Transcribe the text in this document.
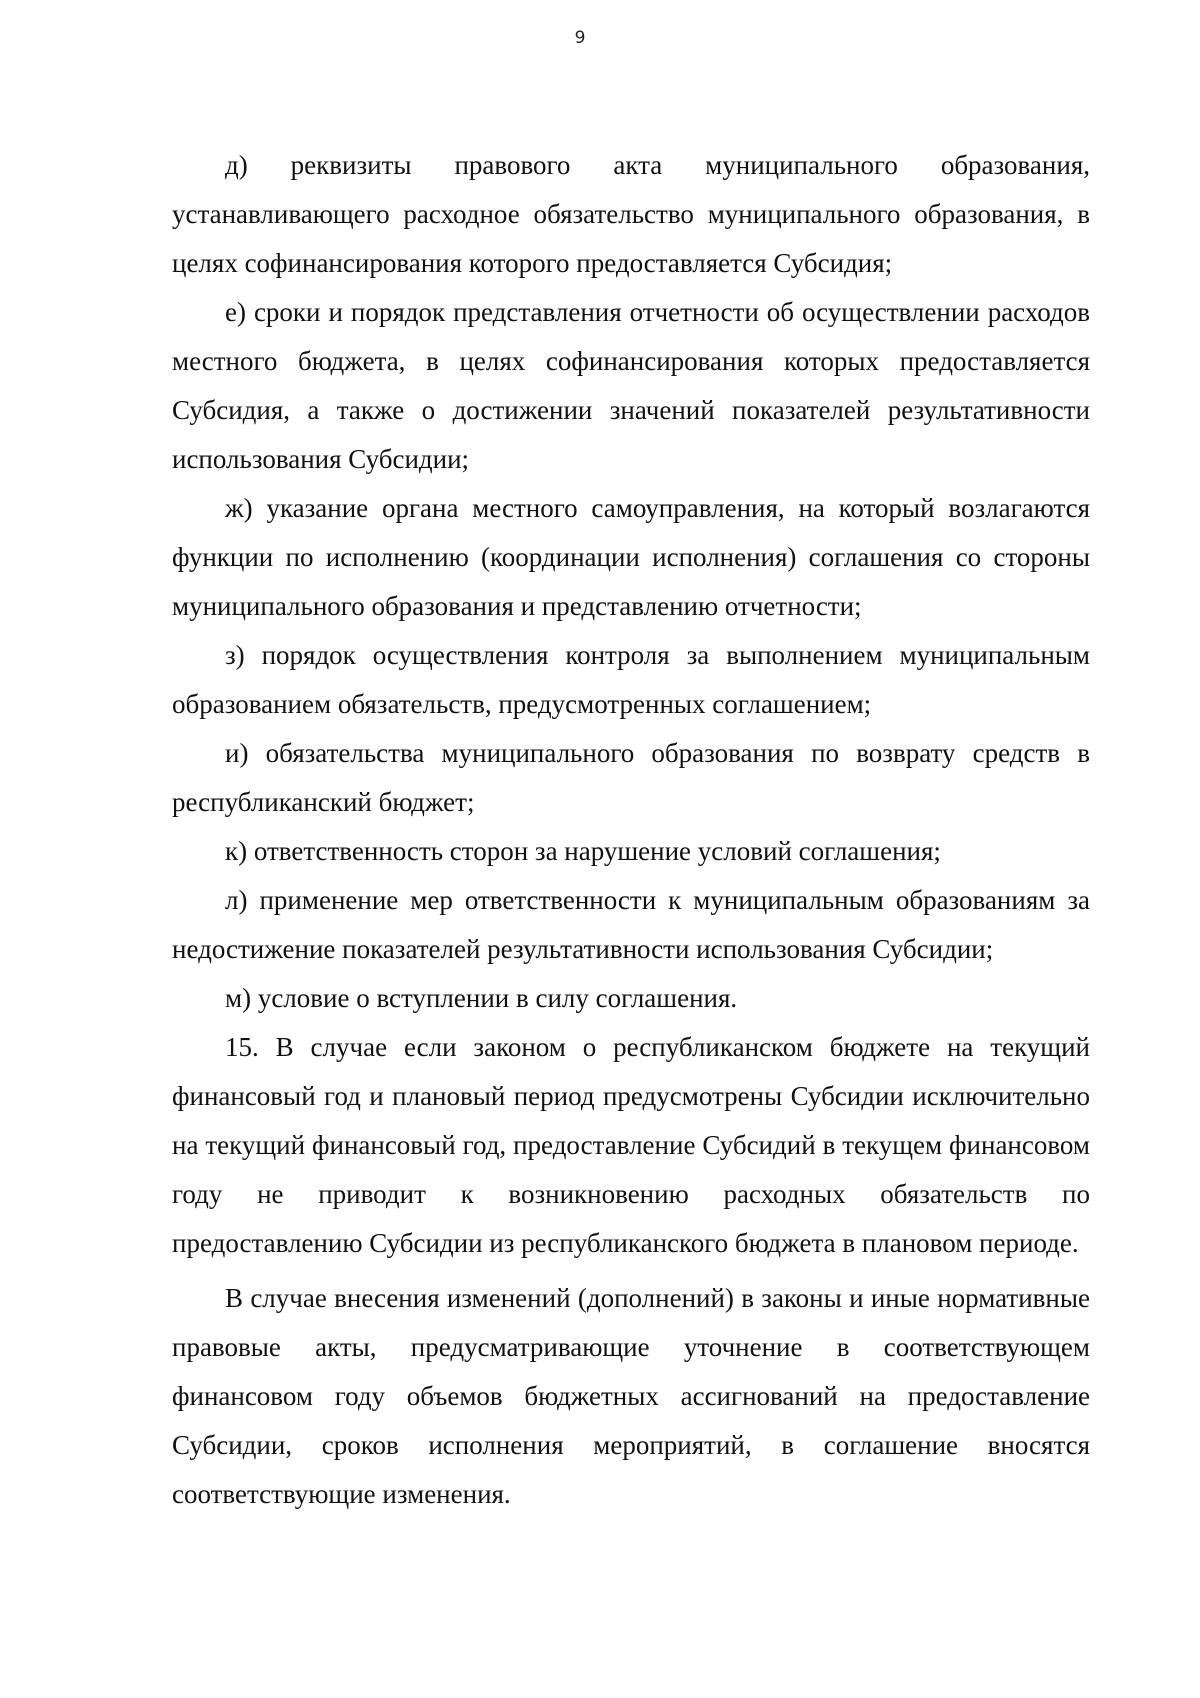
9

д) реквизиты правового акта муниципального образования, устанавливающего расходное обязательство муниципального образования, в целях софинансирования которого предоставляется Субсидия;

е) сроки и порядок представления отчетности об осуществлении расходов местного бюджета, в целях софинансирования которых предоставляется Субсидия, а также о достижении значений показателей результативности использования Субсидии;

ж) указание органа местного самоуправления, на который возлагаются функции по исполнению (координации исполнения) соглашения со стороны муниципального образования и представлению отчетности;

з) порядок осуществления контроля за выполнением муниципальным образованием обязательств, предусмотренных соглашением;

и) обязательства муниципального образования по возврату средств в республиканский бюджет;

к) ответственность сторон за нарушение условий соглашения;

л) применение мер ответственности к муниципальным образованиям за недостижение показателей результативности использования Субсидии;

м) условие о вступлении в силу соглашения.

15. В случае если законом о республиканском бюджете на текущий финансовый год и плановый период предусмотрены Субсидии исключительно на текущий финансовый год, предоставление Субсидий в текущем финансовом году не приводит к возникновению расходных обязательств по предоставлению Субсидии из республиканского бюджета в плановом периоде.

В случае внесения изменений (дополнений) в законы и иные нормативные правовые акты, предусматривающие уточнение в соответствующем финансовом году объемов бюджетных ассигнований на предоставление Субсидии, сроков исполнения мероприятий, в соглашение вносятся соответствующие изменения.
